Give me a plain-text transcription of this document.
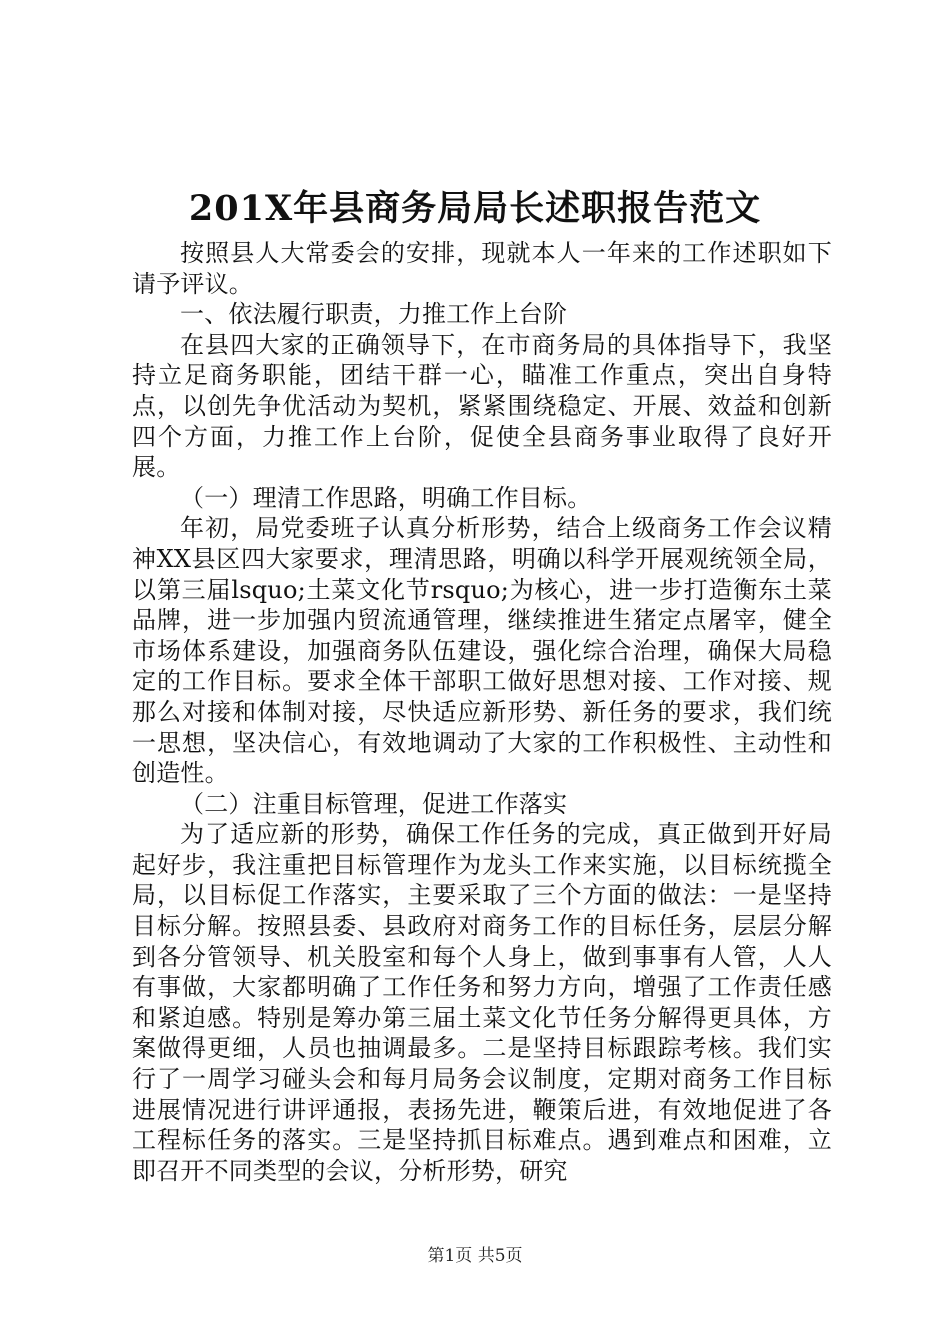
201X年县商务局局长述职报告范文

按照县人大常委会的安排，现就本人一年来的工作述职如下请予评议。

一、依法履行职责，力推工作上台阶

在县四大家的正确领导下，在市商务局的具体指导下，我坚持立足商务职能，团结干群一心，瞄准工作重点，突出自身特点，以创先争优活动为契机，紧紧围绕稳定、开展、效益和创新四个方面，力推工作上台阶，促使全县商务事业取得了良好开展。

（一）理清工作思路，明确工作目标。

年初，局党委班子认真分析形势，结合上级商务工作会议精神XX县区四大家要求，理清思路，明确以科学开展观统领全局，以第三届lsquo;土菜文化节rsquo;为核心，进一步打造衡东土菜品牌，进一步加强内贸流通管理，继续推进生猪定点屠宰，健全市场体系建设，加强商务队伍建设，强化综合治理，确保大局稳定的工作目标。要求全体干部职工做好思想对接、工作对接、规那么对接和体制对接，尽快适应新形势、新任务的要求，我们统一思想，坚决信心，有效地调动了大家的工作积极性、主动性和创造性。

（二）注重目标管理，促进工作落实

为了适应新的形势，确保工作任务的完成，真正做到开好局起好步，我注重把目标管理作为龙头工作来实施，以目标统揽全局，以目标促工作落实，主要采取了三个方面的做法：一是坚持目标分解。按照县委、县政府对商务工作的目标任务，层层分解到各分管领导、机关股室和每个人身上，做到事事有人管，人人有事做，大家都明确了工作任务和努力方向，增强了工作责任感和紧迫感。特别是筹办第三届土菜文化节任务分解得更具体，方案做得更细，人员也抽调最多。二是坚持目标跟踪考核。我们实行了一周学习碰头会和每月局务会议制度，定期对商务工作目标进展情况进行讲评通报，表扬先进，鞭策后进，有效地促进了各工程标任务的落实。三是坚持抓目标难点。遇到难点和困难，立即召开不同类型的会议，分析形势，研究

第1页 共5页
